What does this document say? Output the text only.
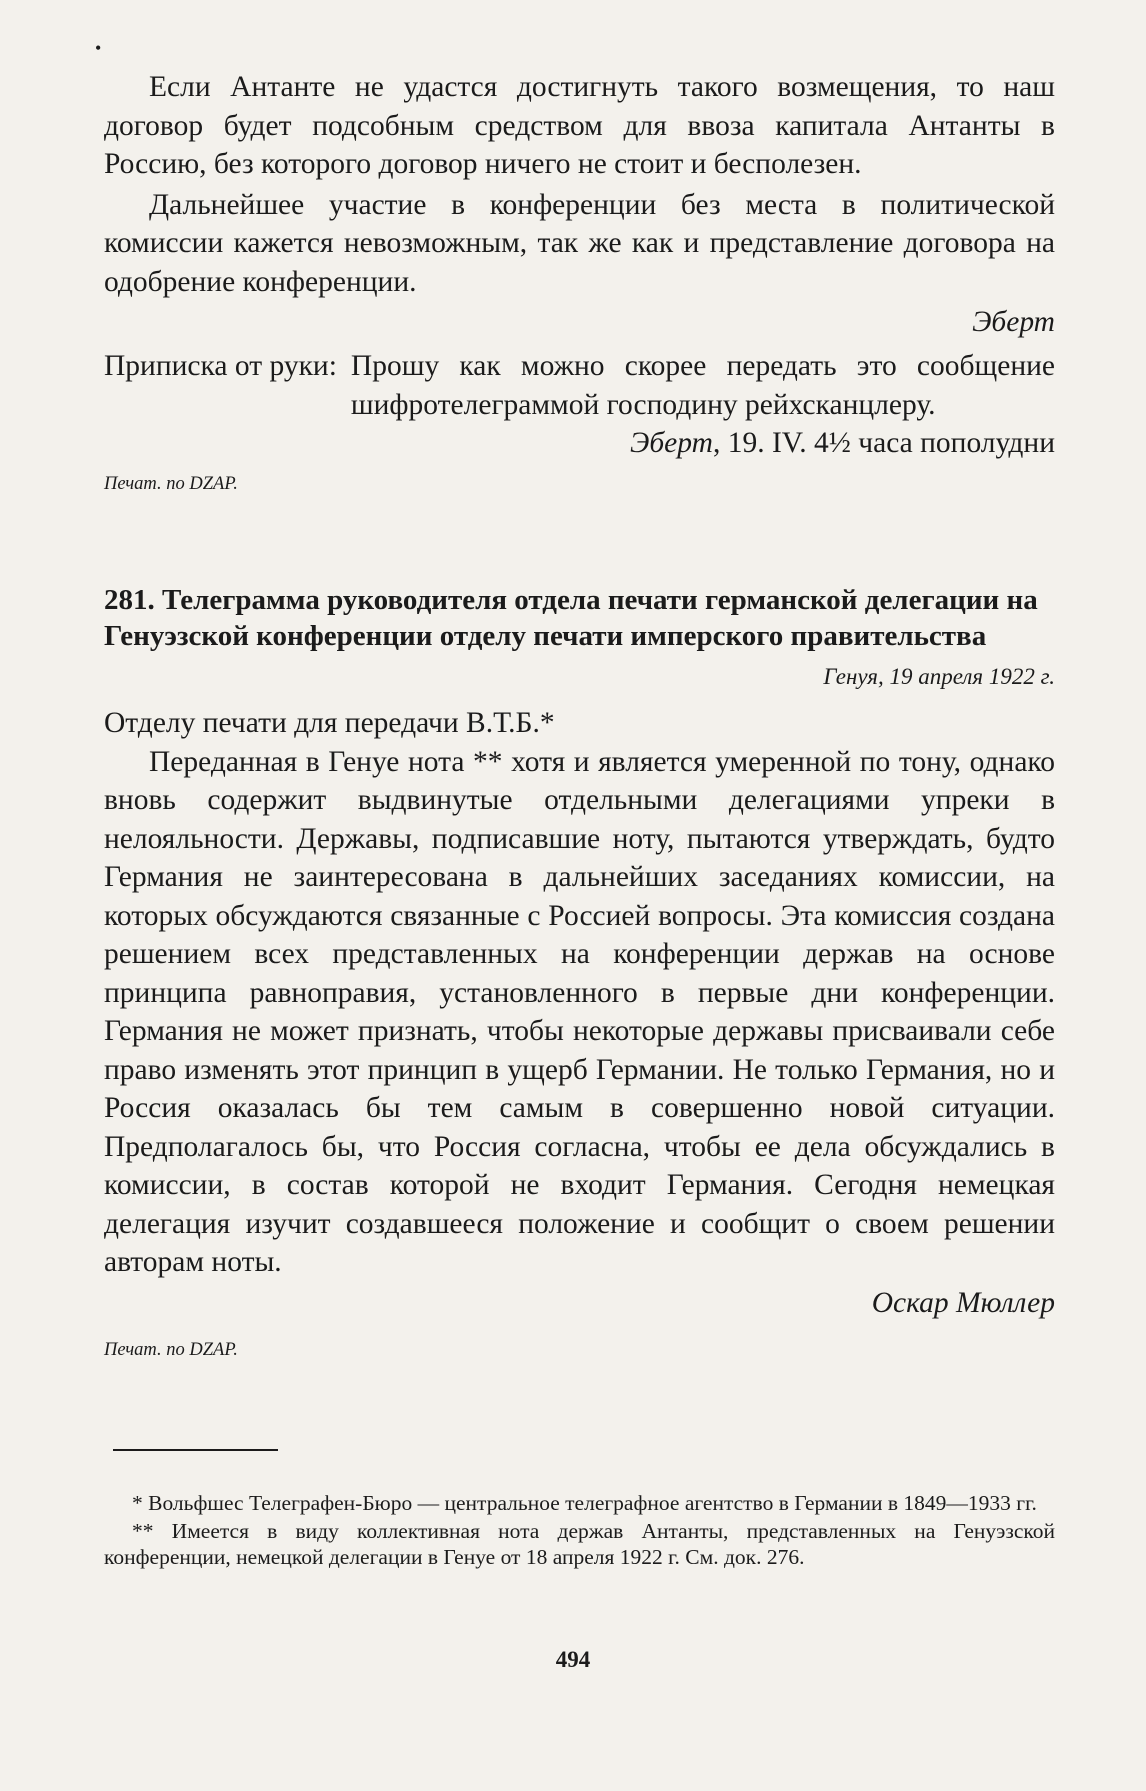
•

Если Антанте не удастся достигнуть такого возмещения, то наш договор будет подсобным средством для ввоза капитала Антанты в Россию, без которого договор ничего не стоит и бесполезен.

Дальнейшее участие в конференции без места в политической комиссии кажется невозможным, так же как и представление договора на одобрение конференции.

Эберт
Приписка от руки: Прошу как можно скорее передать это сообщение шифротелеграммой господину рейхсканцлеру.
Эберт, 19. IV. 4½ часа пополудни
Печат. по DZAP.
281. Телеграмма руководителя отдела печати германской делегации на Генуэзской конференции отделу печати имперского правительства
Генуя, 19 апреля 1922 г.

Отделу печати для передачи В.Т.Б.*

Переданная в Генуе нота ** хотя и является умеренной по тону, однако вновь содержит выдвинутые отдельными делегациями упреки в нелояльности. Державы, подписавшие ноту, пытаются утверждать, будто Германия не заинтересована в дальнейших заседаниях комиссии, на которых обсуждаются связанные с Россией вопросы. Эта комиссия создана решением всех представленных на конференции держав на основе принципа равноправия, установленного в первые дни конференции. Германия не может признать, чтобы некоторые державы присваивали себе право изменять этот принцип в ущерб Германии. Не только Германия, но и Россия оказалась бы тем самым в совершенно новой ситуации. Предполагалось бы, что Россия согласна, чтобы ее дела обсуждались в комиссии, в состав которой не входит Германия. Сегодня немецкая делегация изучит создавшееся положение и сообщит о своем решении авторам ноты.

Оскар Мюллер
Печат. по DZAP.

* Вольфшес Телеграфен-Бюро — центральное телеграфное агентство в Германии в 1849—1933 гг.

** Имеется в виду коллективная нота держав Антанты, представленных на Генуэзской конференции, немецкой делегации в Генуе от 18 апреля 1922 г. См. док. 276.

494
